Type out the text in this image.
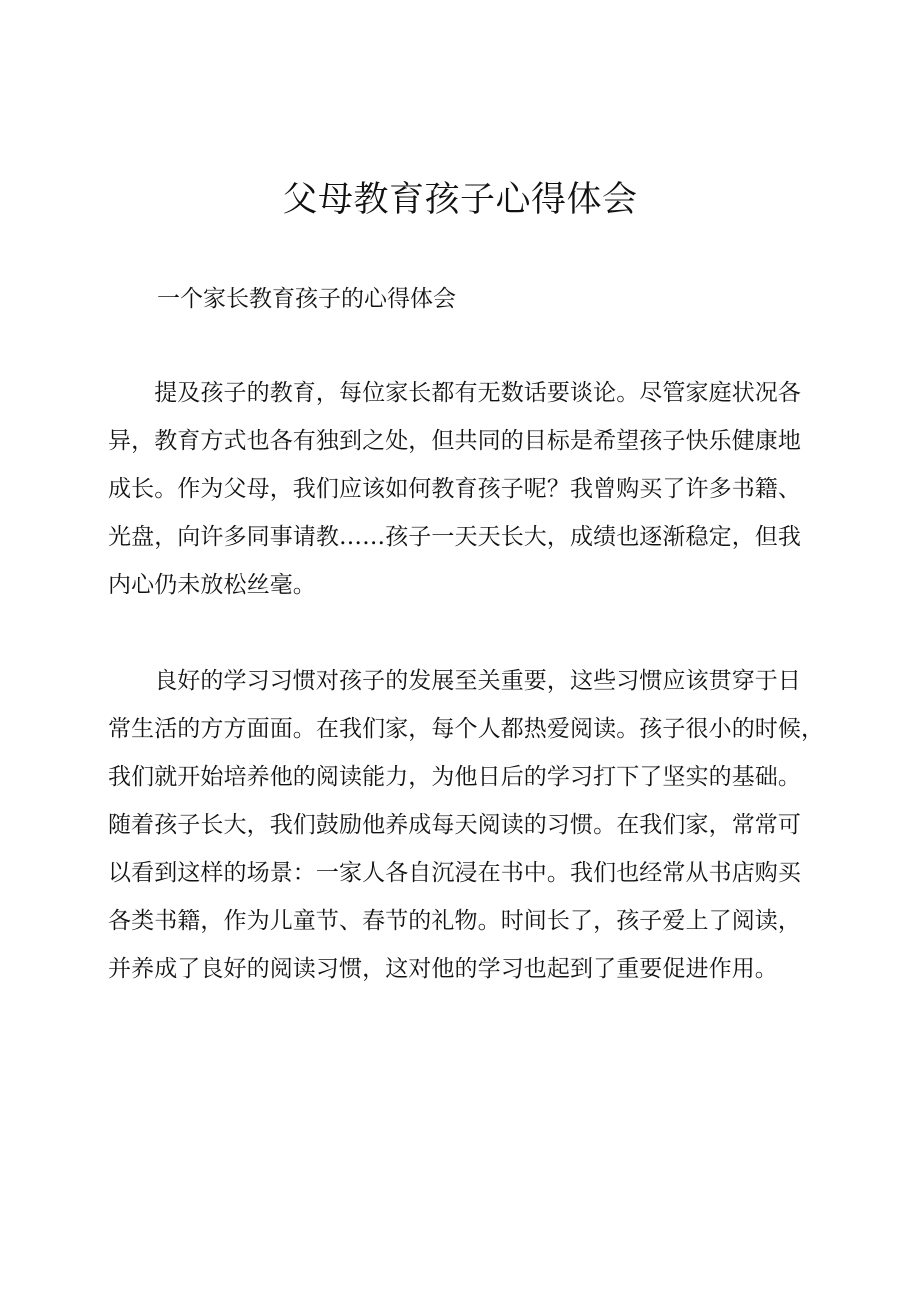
父母教育孩子心得体会

一个家长教育孩子的心得体会

　　提及孩子的教育，每位家长都有无数话要谈论。尽管家庭状况各
异，教育方式也各有独到之处，但共同的目标是希望孩子快乐健康地
成长。作为父母，我们应该如何教育孩子呢？我曾购买了许多书籍、
光盘，向许多同事请教……孩子一天天长大，成绩也逐渐稳定，但我
内心仍未放松丝毫。
　　良好的学习习惯对孩子的发展至关重要，这些习惯应该贯穿于日
常生活的方方面面。在我们家，每个人都热爱阅读。孩子很小的时候，
我们就开始培养他的阅读能力，为他日后的学习打下了坚实的基础。
随着孩子长大，我们鼓励他养成每天阅读的习惯。在我们家，常常可
以看到这样的场景：一家人各自沉浸在书中。我们也经常从书店购买
各类书籍，作为儿童节、春节的礼物。时间长了，孩子爱上了阅读，
并养成了良好的阅读习惯，这对他的学习也起到了重要促进作用。
